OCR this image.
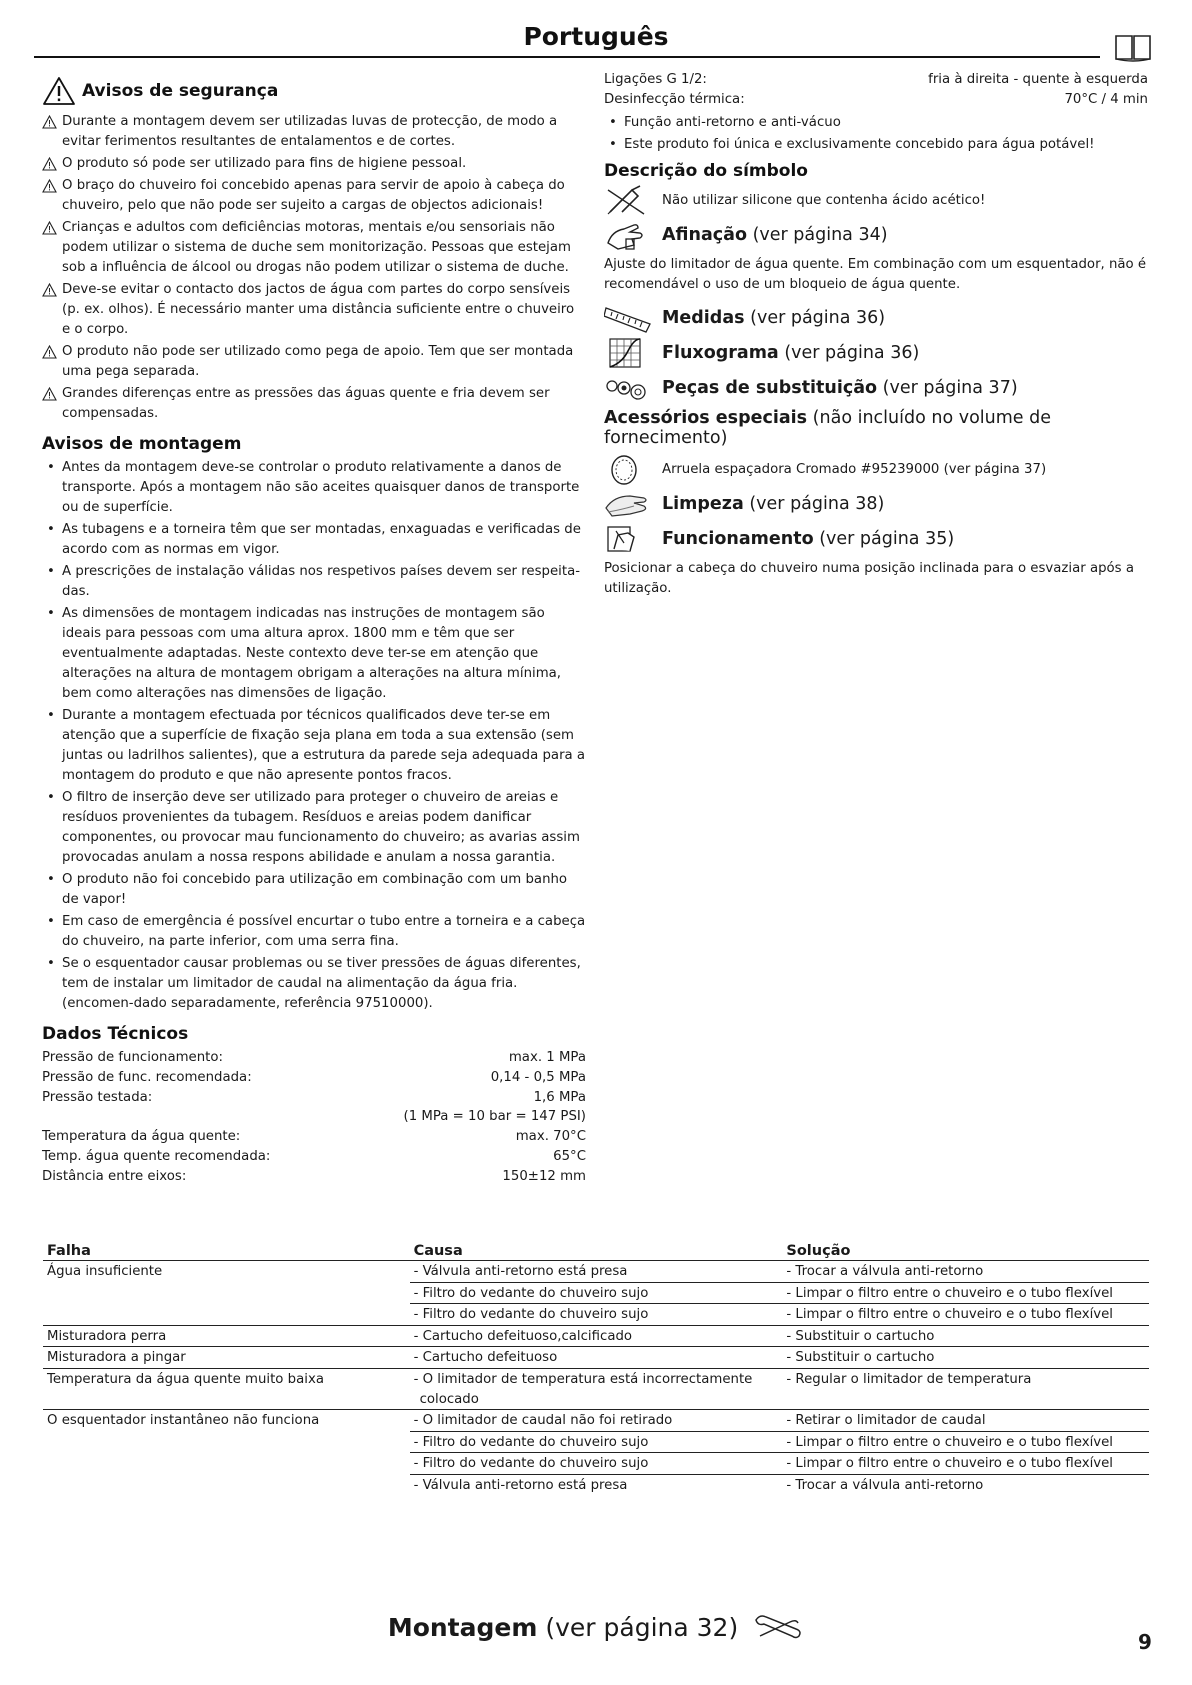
Português
Avisos de segurança
Durante a montagem devem ser utilizadas luvas de protecção, de modo a evitar ferimentos resultantes de entalamentos e de cortes.
O produto só pode ser utilizado para fins de higiene pessoal.
O braço do chuveiro foi concebido apenas para servir de apoio à cabeça do chuveiro, pelo que não pode ser sujeito a cargas de objectos adicionais!
Crianças e adultos com deficiências motoras, mentais e/ou sensoriais não podem utilizar o sistema de duche sem monitorização. Pessoas que estejam sob a influência de álcool ou drogas não podem utilizar o sistema de duche.
Deve-se evitar o contacto dos jactos de água com partes do corpo sensíveis (p. ex. olhos). É necessário manter uma distância suficiente entre o chuveiro e o corpo.
O produto não pode ser utilizado como pega de apoio. Tem que ser montada uma pega separada.
Grandes diferenças entre as pressões das águas quente e fria devem ser compensadas.
Avisos de montagem
• Antes da montagem deve-se controlar o produto relativamente a danos de transporte. Após a montagem não são aceites quaisquer danos de transporte ou de superfície.
• As tubagens e a torneira têm que ser montadas, enxaguadas e verificadas de acordo com as normas em vigor.
• A prescrições de instalação válidas nos respetivos países devem ser respeita-das.
• As dimensões de montagem indicadas nas instruções de montagem são ideais para pessoas com uma altura aprox. 1800 mm e têm que ser eventualmente adaptadas. Neste contexto deve ter-se em atenção que alterações na altura de montagem obrigam a alterações na altura mínima, bem como alterações nas dimensões de ligação.
• Durante a montagem efectuada por técnicos qualificados deve ter-se em atenção que a superfície de fixação seja plana em toda a sua extensão (sem juntas ou ladrilhos salientes), que a estrutura da parede seja adequada para a montagem do produto e que não apresente pontos fracos.
• O filtro de inserção deve ser utilizado para proteger o chuveiro de areias e resíduos provenientes da tubagem. Resíduos e areias podem danificar componentes, ou provocar mau funcionamento do chuveiro; as avarias assim provocadas anulam a nossa respons abilidade e anulam a nossa garantia.
• O produto não foi concebido para utilização em combinação com um banho de vapor!
• Em caso de emergência é possível encurtar o tubo entre a torneira e a cabeça do chuveiro, na parte inferior, com uma serra fina.
• Se o esquentador causar problemas ou se tiver pressões de águas diferentes, tem de instalar um limitador de caudal na alimentação da água fria. (encomen-dado separadamente, referência 97510000).
Dados Técnicos
Pressão de funcionamento:	max. 1 MPa
Pressão de func. recomendada:	0,14 - 0,5 MPa
Pressão testada:	1,6 MPa
(1 MPa = 10 bar = 147 PSI)
Temperatura da água quente:	max. 70°C
Temp. água quente recomendada:	65°C
Distância entre eixos:	150±12 mm
Ligações G 1/2:	fria à direita - quente à esquerda
Desinfecção térmica:	70°C / 4 min
• Função anti-retorno e anti-vácuo
• Este produto foi única e exclusivamente concebido para água potável!
Descrição do símbolo
Não utilizar silicone que contenha ácido acético!
Afinação (ver página 34)

Ajuste do limitador de água quente. Em combinação com um esquentador, não é recomendável o uso de um bloqueio de água quente.

Medidas (ver página 36)
Fluxograma (ver página 36)
Peças de substituição (ver página 37)
Acessórios especiais (não incluído no volume de fornecimento)
Arruela espaçadora Cromado #95239000 (ver página 37)
Limpeza (ver página 38)
Funcionamento (ver página 35)

Posicionar a cabeça do chuveiro numa posição inclinada para o esvaziar após a utilização.

Falha	Causa	Solução
Água insuficiente	- Válvula anti-retorno está presa	- Trocar a válvula anti-retorno
	- Filtro do vedante do chuveiro sujo	- Limpar o filtro entre o chuveiro e o tubo flexível
	- Filtro do vedante do chuveiro sujo	- Limpar o filtro entre o chuveiro e o tubo flexível
Misturadora perra	- Cartucho defeituoso,calcificado	- Substituir o cartucho
Misturadora a pingar	- Cartucho defeituoso	- Substituir o cartucho
Temperatura da água quente muito baixa	- O limitador de temperatura está incorrectamente colocado	- Regular o limitador de temperatura
O esquentador instantâneo não funciona	- O limitador de caudal não foi retirado	- Retirar o limitador de caudal
	- Filtro do vedante do chuveiro sujo	- Limpar o filtro entre o chuveiro e o tubo flexível
	- Filtro do vedante do chuveiro sujo	- Limpar o filtro entre o chuveiro e o tubo flexível
	- Válvula anti-retorno está presa	- Trocar a válvula anti-retorno
Montagem (ver página 32)	9
